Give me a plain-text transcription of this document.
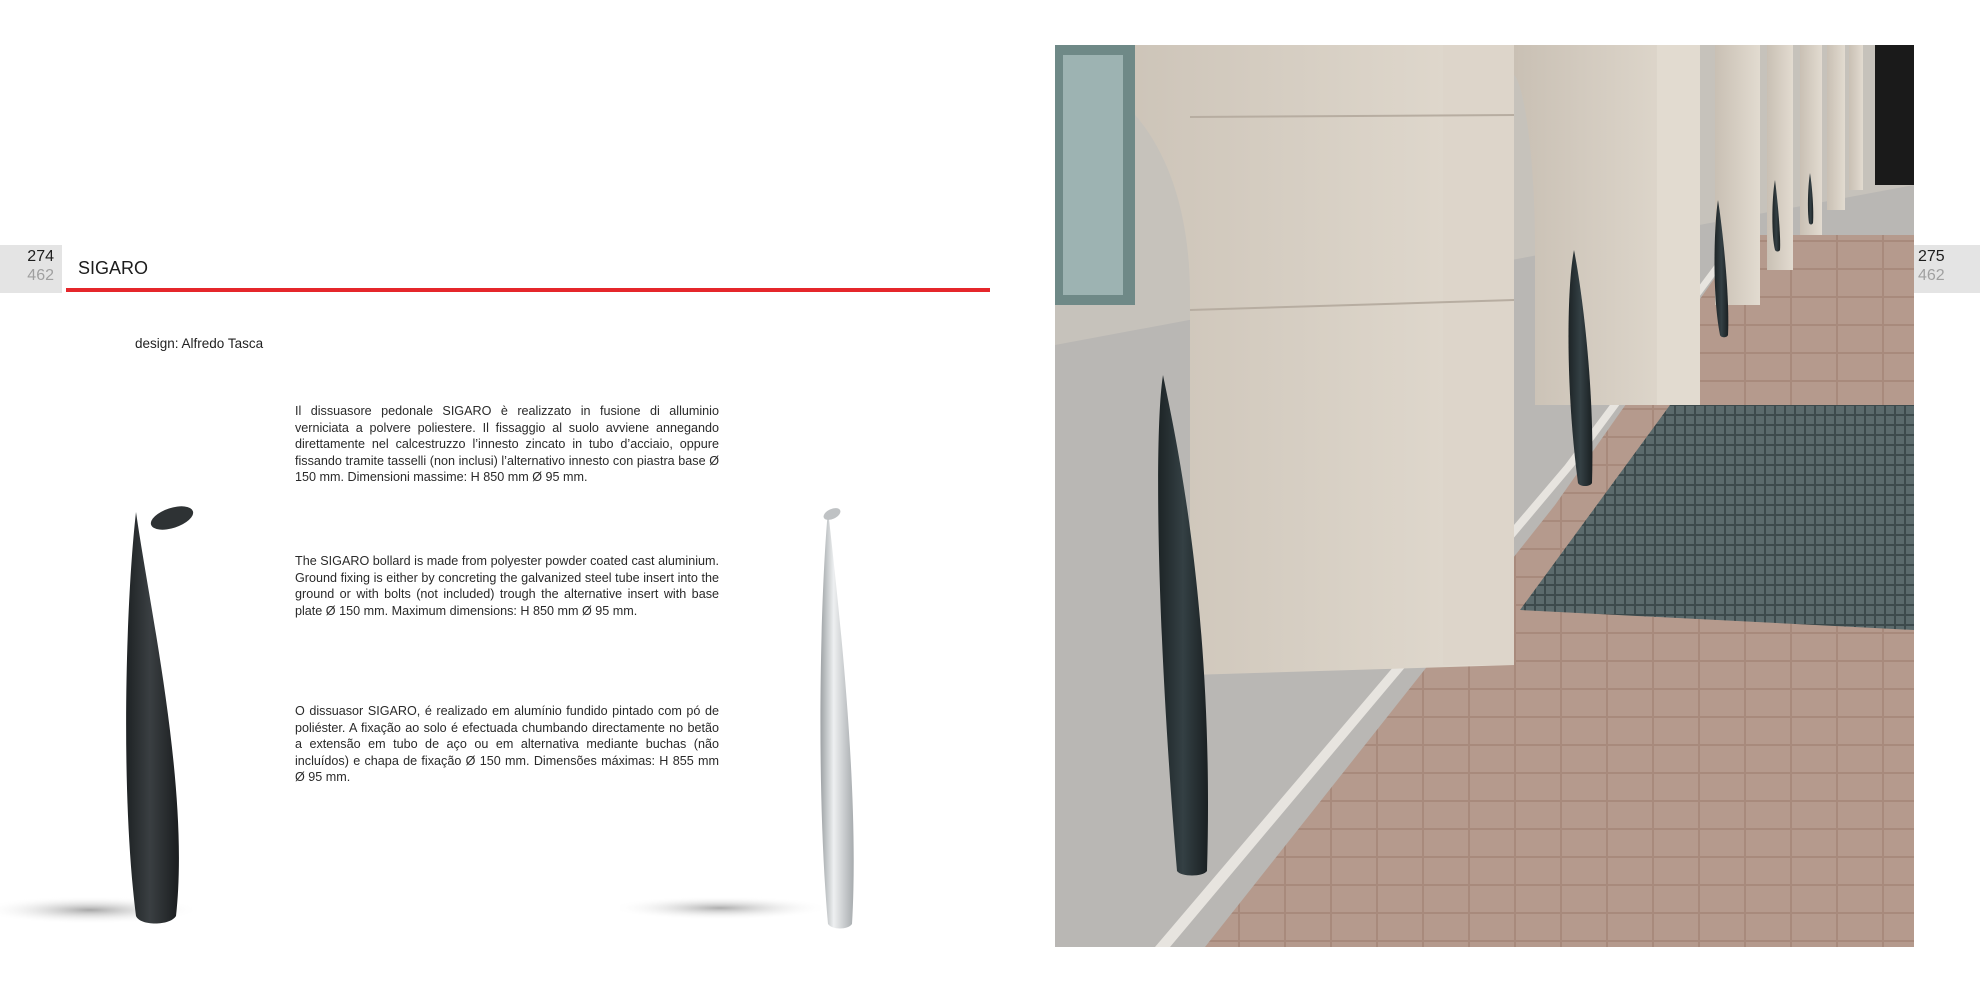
274
462 SIGARO
design: Alfredo Tasca
Il dissuasore pedonale SIGARO è realizzato in fusione di alluminio verniciata a polvere poliestere. Il fissaggio al suolo avviene annegando direttamente nel calcestruzzo l’innesto zincato in tubo d’acciaio, oppure fissando tramite tasselli (non inclusi) l’alternativo innesto con piastra base Ø 150 mm. Dimensioni massime: H 850 mm Ø 95 mm.
The SIGARO bollard is made from polyester powder coated cast aluminium. Ground fixing is either by concreting the galvanized steel tube insert into the ground or with bolts (not included) trough the alternative insert with base plate Ø 150 mm. Maximum dimensions: H 850 mm Ø 95 mm.
O dissuasor SIGARO, é realizado em alumínio fundido pintado com pó de poliéster. A fixação ao solo é efectuada chumbando directamente no betão a extensão em tubo de aço ou em alternativa mediante buchas (não incluídos) e chapa de fixação Ø 150 mm. Dimensões máximas: H 855 mm Ø 95 mm.
275
462
